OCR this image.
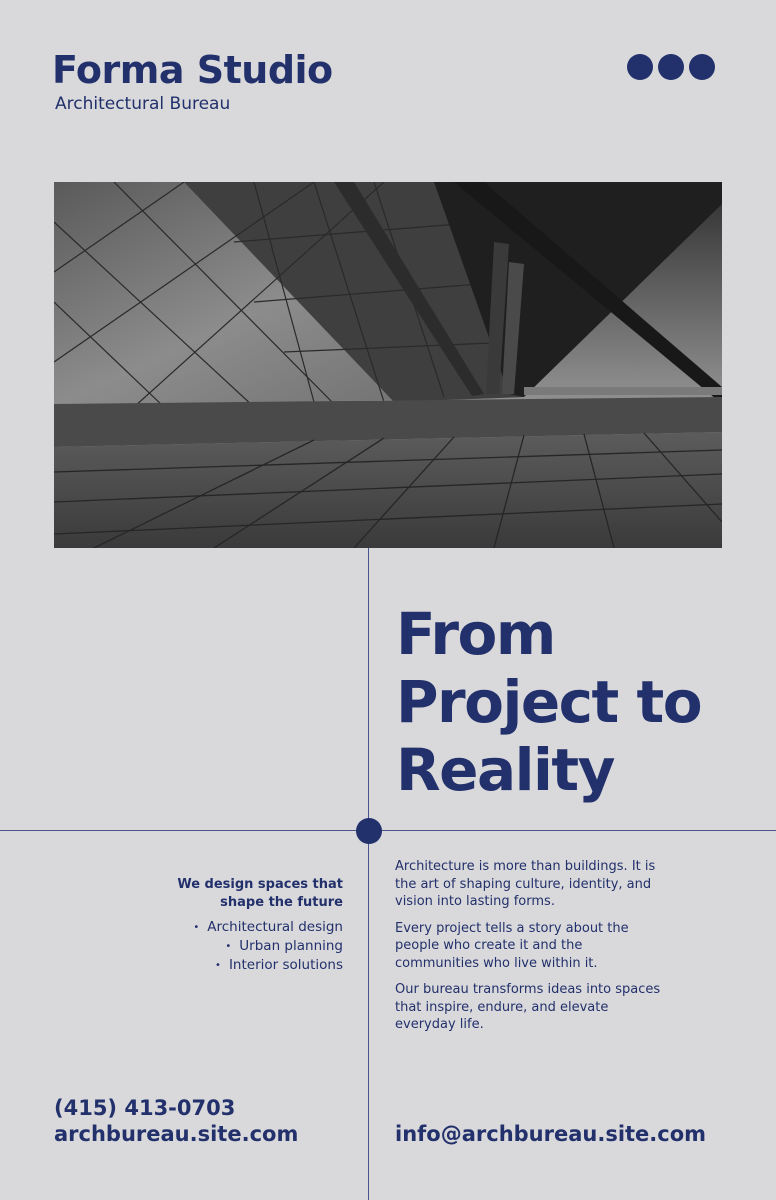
Forma Studio
Architectural Bureau
From
Project to
Reality
We design spaces that
shape the future
• Architectural design
• Urban planning
• Interior solutions

Architecture is more than buildings. It is the art of shaping culture, identity, and vision into lasting forms.

Every project tells a story about the people who create it and the communities who live within it.

Our bureau transforms ideas into spaces that inspire, endure, and elevate everyday life.

(415) 413-0703
archbureau.site.com	info@archbureau.site.com
